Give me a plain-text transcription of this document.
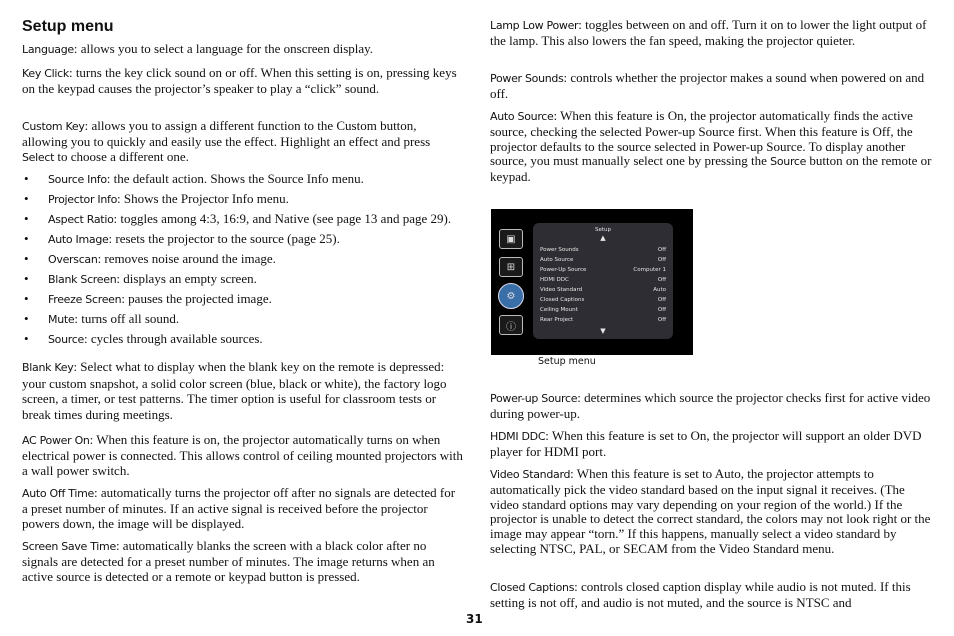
Setup menu

Language: allows you to select a language for the onscreen display.

Key Click: turns the key click sound on or off. When this setting is on, pressing keys on the keypad causes the projector’s speaker to play a “click” sound.

Custom Key: allows you to assign a different function to the Custom button, allowing you to quickly and easily use the effect. Highlight an effect and press Select to choose a different one.

• Source Info: the default action. Shows the Source Info menu.
• Projector Info: Shows the Projector Info menu.
• Aspect Ratio: toggles among 4:3, 16:9, and Native (see page 13 and page 29).
• Auto Image: resets the projector to the source (page 25).
• Overscan: removes noise around the image.
• Blank Screen: displays an empty screen.
• Freeze Screen: pauses the projected image.
• Mute: turns off all sound.
• Source: cycles through available sources.

Blank Key: Select what to display when the blank key on the remote is depressed: your custom snapshot, a solid color screen (blue, black or white), the factory logo screen, a timer, or test patterns. The timer option is useful for classroom tests or break times during meetings.

AC Power On: When this feature is on, the projector automatically turns on when electrical power is connected. This allows control of ceiling mounted projectors with a wall power switch.

Auto Off Time: automatically turns the projector off after no signals are detected for a preset number of minutes. If an active signal is received before the projector powers down, the image will be displayed.

Screen Save Time: automatically blanks the screen with a black color after no signals are detected for a preset number of minutes. The image returns when an active source is detected or a remote or keypad button is pressed.

Lamp Low Power: toggles between on and off. Turn it on to lower the light output of the lamp. This also lowers the fan speed, making the projector quieter.

Power Sounds: controls whether the projector makes a sound when powered on and off.

Auto Source: When this feature is On, the projector automatically finds the active source, checking the selected Power-up Source first. When this feature is Off, the projector defaults to the source selected in Power-up Source. To display another source, you must manually select one by pressing the Source button on the remote or keypad.

▣
⊞
⚙
ⓘ
Setup
▲
Power Sounds	Off
Auto Source	Off
Power-Up Source	Computer 1
HDMI DDC	Off
Video Standard	Auto
Closed Captions	Off
Ceiling Mount	Off
Rear Project	Off
▼
Setup menu

Power-up Source: determines which source the projector checks first for active video during power-up.

HDMI DDC: When this feature is set to On, the projector will support an older DVD player for HDMI port.

Video Standard: When this feature is set to Auto, the projector attempts to automatically pick the video standard based on the input signal it receives. (The video standard options may vary depending on your region of the world.) If the projector is unable to detect the correct standard, the colors may not look right or the image may appear “torn.” If this happens, manually select a video standard by selecting NTSC, PAL, or SECAM from the Video Standard menu.

Closed Captions: controls closed caption display while audio is not muted. If this setting is not off, and audio is not muted, and the source is NTSC and

31
